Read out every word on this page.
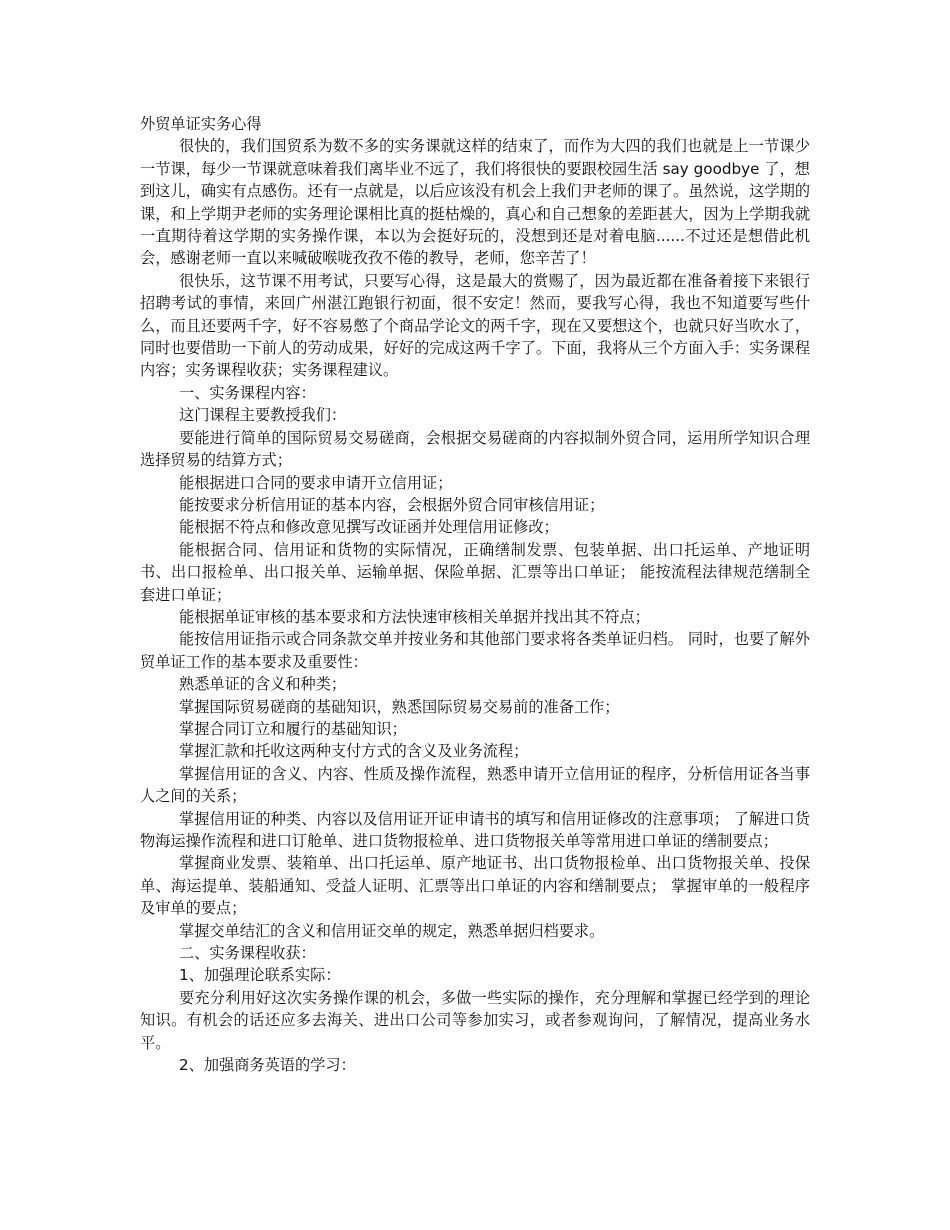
外贸单证实务心得

很快的，我们国贸系为数不多的实务课就这样的结束了，而作为大四的我们也就是上一节课少一节课，每少一节课就意味着我们离毕业不远了，我们将很快的要跟校园生活 say goodbye 了，想到这儿，确实有点感伤。还有一点就是，以后应该没有机会上我们尹老师的课了。虽然说，这学期的课，和上学期尹老师的实务理论课相比真的挺枯燥的，真心和自己想象的差距甚大，因为上学期我就一直期待着这学期的实务操作课，本以为会挺好玩的，没想到还是对着电脑......不过还是想借此机会，感谢老师一直以来喊破喉咙孜孜不倦的教导，老师，您辛苦了！

很快乐，这节课不用考试，只要写心得，这是最大的赏赐了，因为最近都在准备着接下来银行招聘考试的事情，来回广州湛江跑银行初面，很不安定！然而，要我写心得，我也不知道要写些什么，而且还要两千字，好不容易憋了个商品学论文的两千字，现在又要想这个，也就只好当吹水了，同时也要借助一下前人的劳动成果，好好的完成这两千字了。下面，我将从三个方面入手：实务课程内容；实务课程收获；实务课程建议。

一、实务课程内容：

这门课程主要教授我们：

要能进行简单的国际贸易交易磋商，会根据交易磋商的内容拟制外贸合同，运用所学知识合理选择贸易的结算方式；

能根据进口合同的要求申请开立信用证；

能按要求分析信用证的基本内容，会根据外贸合同审核信用证；

能根据不符点和修改意见撰写改证函并处理信用证修改；

能根据合同、信用证和货物的实际情况，正确缮制发票、包装单据、出口托运单、产地证明书、出口报检单、出口报关单、运输单据、保险单据、汇票等出口单证； 能按流程法律规范缮制全套进口单证；

能根据单证审核的基本要求和方法快速审核相关单据并找出其不符点；

能按信用证指示或合同条款交单并按业务和其他部门要求将各类单证归档。 同时，也要了解外贸单证工作的基本要求及重要性：

熟悉单证的含义和种类；

掌握国际贸易磋商的基础知识，熟悉国际贸易交易前的准备工作；

掌握合同订立和履行的基础知识；

掌握汇款和托收这两种支付方式的含义及业务流程；

掌握信用证的含义、内容、性质及操作流程，熟悉申请开立信用证的程序，分析信用证各当事人之间的关系；

掌握信用证的种类、内容以及信用证开证申请书的填写和信用证修改的注意事项； 了解进口货物海运操作流程和进口订舱单、进口货物报检单、进口货物报关单等常用进口单证的缮制要点；

掌握商业发票、装箱单、出口托运单、原产地证书、出口货物报检单、出口货物报关单、投保单、海运提单、装船通知、受益人证明、汇票等出口单证的内容和缮制要点； 掌握审单的一般程序及审单的要点；

掌握交单结汇的含义和信用证交单的规定，熟悉单据归档要求。

二、实务课程收获：

1、加强理论联系实际：

要充分利用好这次实务操作课的机会，多做一些实际的操作，充分理解和掌握已经学到的理论知识。有机会的话还应多去海关、进出口公司等参加实习，或者参观询问，了解情况，提高业务水平。

2、加强商务英语的学习：
